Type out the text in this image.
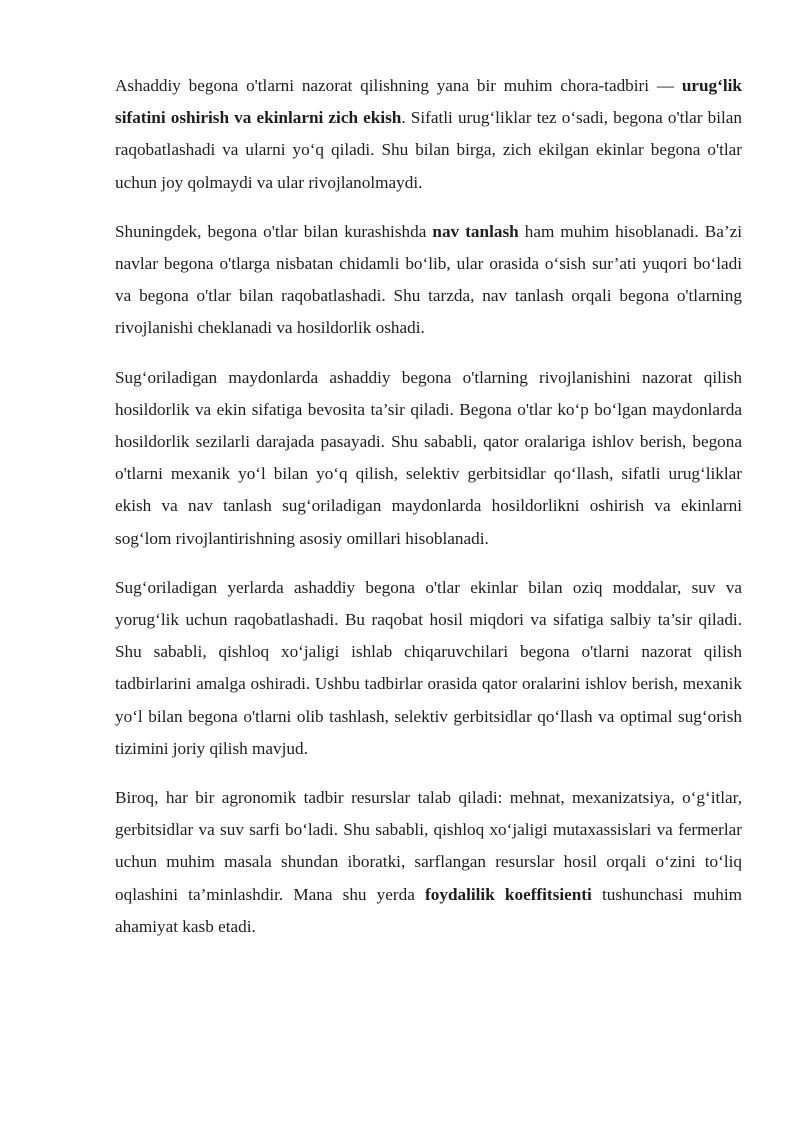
Ashaddiy begona o'tlarni nazorat qilishning yana bir muhim chora-tadbiri — urug‘lik sifatini oshirish va ekinlarni zich ekish. Sifatli urug‘liklar tez o‘sadi, begona o'tlar bilan raqobatlashadi va ularni yo‘q qiladi. Shu bilan birga, zich ekilgan ekinlar begona o'tlar uchun joy qolmaydi va ular rivojlanolmaydi.

Shuningdek, begona o'tlar bilan kurashishda nav tanlash ham muhim hisoblanadi. Ba’zi navlar begona o'tlarga nisbatan chidamli bo‘lib, ular orasida o‘sish sur’ati yuqori bo‘ladi va begona o'tlar bilan raqobatlashadi. Shu tarzda, nav tanlash orqali begona o'tlarning rivojlanishi cheklanadi va hosildorlik oshadi.

Sug‘oriladigan maydonlarda ashaddiy begona o'tlarning rivojlanishini nazorat qilish hosildorlik va ekin sifatiga bevosita ta’sir qiladi. Begona o'tlar ko‘p bo‘lgan maydonlarda hosildorlik sezilarli darajada pasayadi. Shu sababli, qator oralariga ishlov berish, begona o'tlarni mexanik yo‘l bilan yo‘q qilish, selektiv gerbitsidlar qo‘llash, sifatli urug‘liklar ekish va nav tanlash sug‘oriladigan maydonlarda hosildorlikni oshirish va ekinlarni sog‘lom rivojlantirishning asosiy omillari hisoblanadi.

Sug‘oriladigan yerlarda ashaddiy begona o'tlar ekinlar bilan oziq moddalar, suv va yorug‘lik uchun raqobatlashadi. Bu raqobat hosil miqdori va sifatiga salbiy ta’sir qiladi. Shu sababli, qishloq xo‘jaligi ishlab chiqaruvchilari begona o'tlarni nazorat qilish tadbirlarini amalga oshiradi. Ushbu tadbirlar orasida qator oralarini ishlov berish, mexanik yo‘l bilan begona o'tlarni olib tashlash, selektiv gerbitsidlar qo‘llash va optimal sug‘orish tizimini joriy qilish mavjud.

Biroq, har bir agronomik tadbir resurslar talab qiladi: mehnat, mexanizatsiya, o‘g‘itlar, gerbitsidlar va suv sarfi bo‘ladi. Shu sababli, qishloq xo‘jaligi mutaxassislari va fermerlar uchun muhim masala shundan iboratki, sarflangan resurslar hosil orqali o‘zini to‘liq oqlashini ta’minlashdir. Mana shu yerda foydalilik koeffitsienti tushunchasi muhim ahamiyat kasb etadi.
